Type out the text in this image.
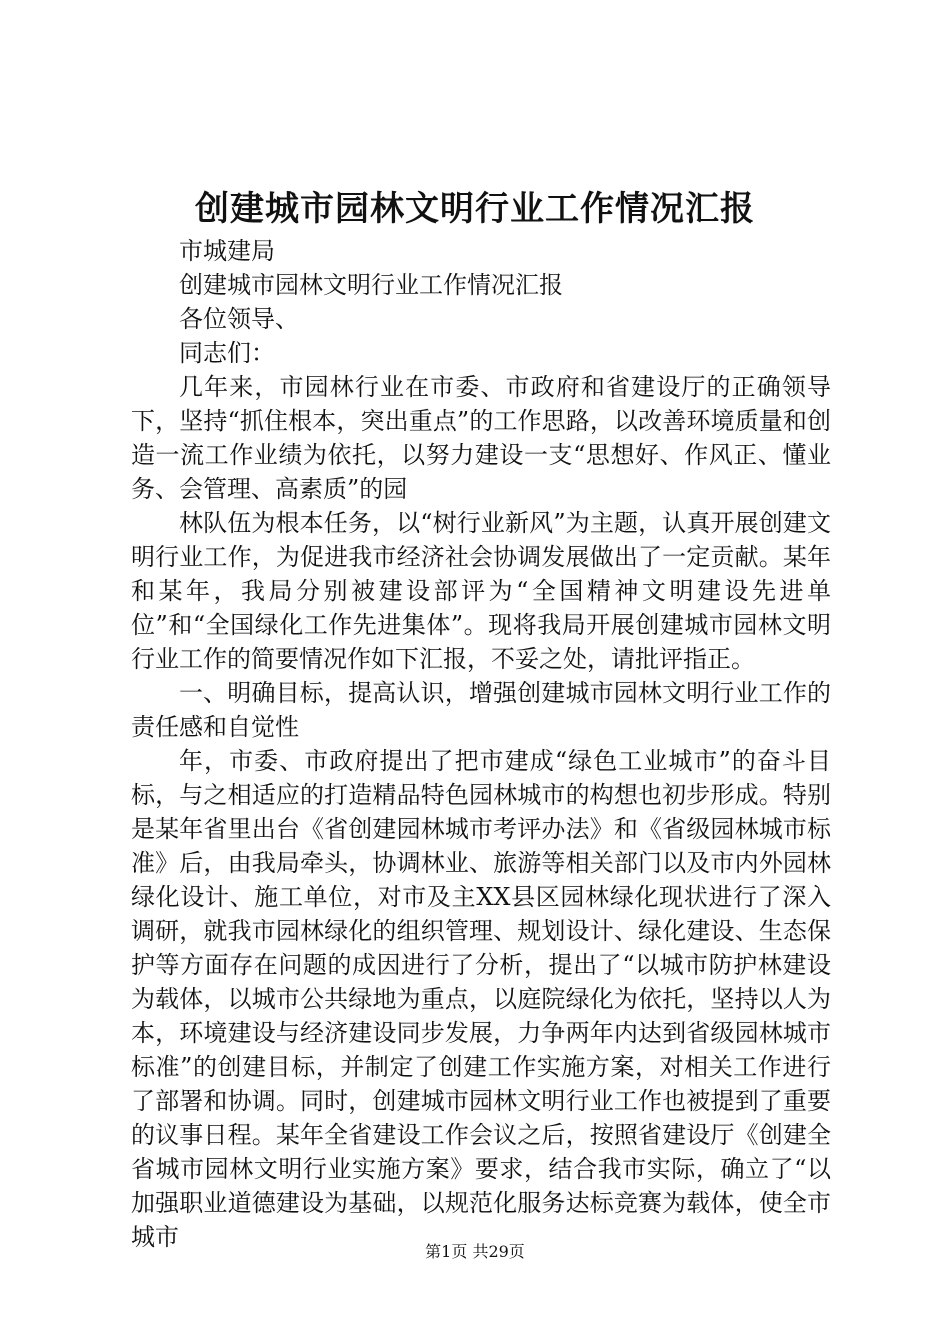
创建城市园林文明行业工作情况汇报

市城建局

创建城市园林文明行业工作情况汇报

各位领导、

同志们：

几年来，市园林行业在市委、市政府和省建设厅的正确领导下，坚持“抓住根本，突出重点”的工作思路，以改善环境质量和创造一流工作业绩为依托，以努力建设一支“思想好、作风正、懂业务、会管理、高素质”的园

林队伍为根本任务，以“树行业新风”为主题，认真开展创建文明行业工作，为促进我市经济社会协调发展做出了一定贡献。某年和某年，我局分别被建设部评为“全国精神文明建设先进单位”和“全国绿化工作先进集体”。现将我局开展创建城市园林文明行业工作的简要情况作如下汇报，不妥之处，请批评指正。

一、明确目标，提高认识，增强创建城市园林文明行业工作的责任感和自觉性

年，市委、市政府提出了把市建成“绿色工业城市”的奋斗目标，与之相适应的打造精品特色园林城市的构想也初步形成。特别是某年省里出台《省创建园林城市考评办法》和《省级园林城市标准》后，由我局牵头，协调林业、旅游等相关部门以及市内外园林绿化设计、施工单位，对市及主XX县区园林绿化现状进行了深入调研，就我市园林绿化的组织管理、规划设计、绿化建设、生态保护等方面存在问题的成因进行了分析，提出了“以城市防护林建设为载体，以城市公共绿地为重点，以庭院绿化为依托，坚持以人为本，环境建设与经济建设同步发展，力争两年内达到省级园林城市标准”的创建目标，并制定了创建工作实施方案，对相关工作进行了部署和协调。同时，创建城市园林文明行业工作也被提到了重要的议事日程。某年全省建设工作会议之后，按照省建设厅《创建全省城市园林文明行业实施方案》要求，结合我市实际，确立了“以加强职业道德建设为基础，以规范化服务达标竞赛为载体，使全市城市

第1页 共29页
